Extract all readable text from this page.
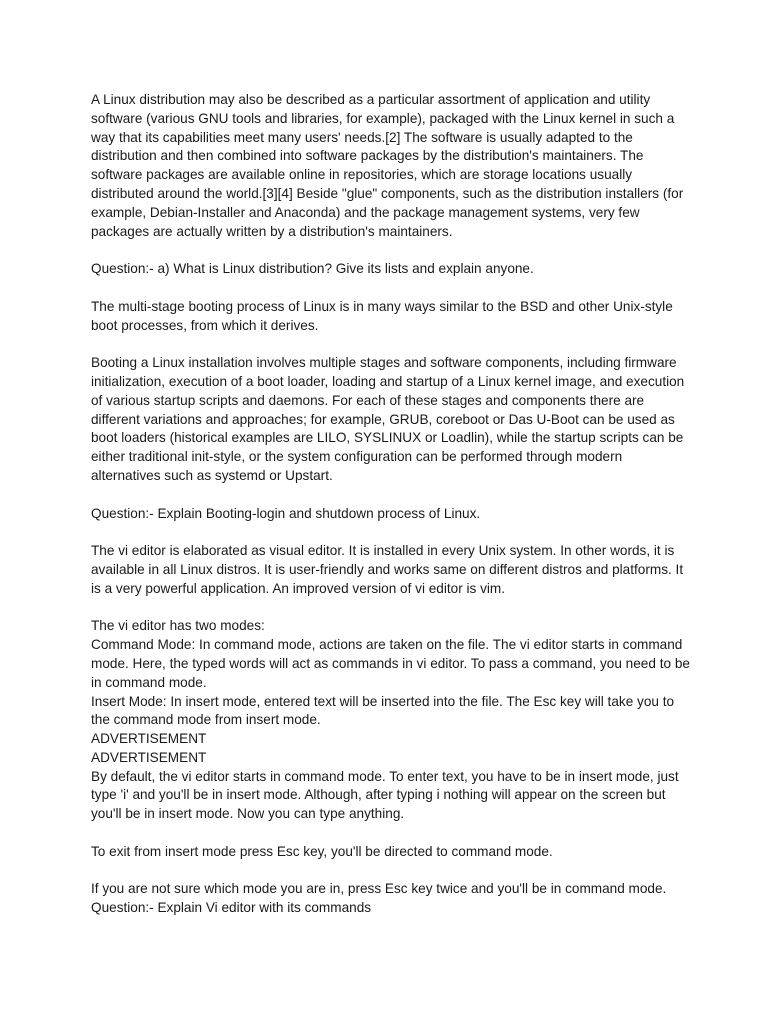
A Linux distribution may also be described as a particular assortment of application and utility software (various GNU tools and libraries, for example), packaged with the Linux kernel in such a way that its capabilities meet many users' needs.[2] The software is usually adapted to the distribution and then combined into software packages by the distribution's maintainers. The software packages are available online in repositories, which are storage locations usually distributed around the world.[3][4] Beside "glue" components, such as the distribution installers (for example, Debian-Installer and Anaconda) and the package management systems, very few packages are actually written by a distribution's maintainers.

Question:- a) What is Linux distribution? Give its lists and explain anyone.

The multi-stage booting process of Linux is in many ways similar to the BSD and other Unix-style boot processes, from which it derives.

Booting a Linux installation involves multiple stages and software components, including firmware initialization, execution of a boot loader, loading and startup of a Linux kernel image, and execution of various startup scripts and daemons. For each of these stages and components there are different variations and approaches; for example, GRUB, coreboot or Das U-Boot can be used as boot loaders (historical examples are LILO, SYSLINUX or Loadlin), while the startup scripts can be either traditional init-style, or the system configuration can be performed through modern alternatives such as systemd or Upstart.

Question:- Explain Booting-login and shutdown process of Linux.

The vi editor is elaborated as visual editor. It is installed in every Unix system. In other words, it is available in all Linux distros. It is user-friendly and works same on different distros and platforms. It is a very powerful application. An improved version of vi editor is vim.

The vi editor has two modes:

Command Mode: In command mode, actions are taken on the file. The vi editor starts in command mode. Here, the typed words will act as commands in vi editor. To pass a command, you need to be in command mode.

Insert Mode: In insert mode, entered text will be inserted into the file. The Esc key will take you to the command mode from insert mode.

ADVERTISEMENT

ADVERTISEMENT

By default, the vi editor starts in command mode. To enter text, you have to be in insert mode, just type 'i' and you'll be in insert mode. Although, after typing i nothing will appear on the screen but you'll be in insert mode. Now you can type anything.

To exit from insert mode press Esc key, you'll be directed to command mode.

If you are not sure which mode you are in, press Esc key twice and you'll be in command mode.

Question:- Explain Vi editor with its commands
